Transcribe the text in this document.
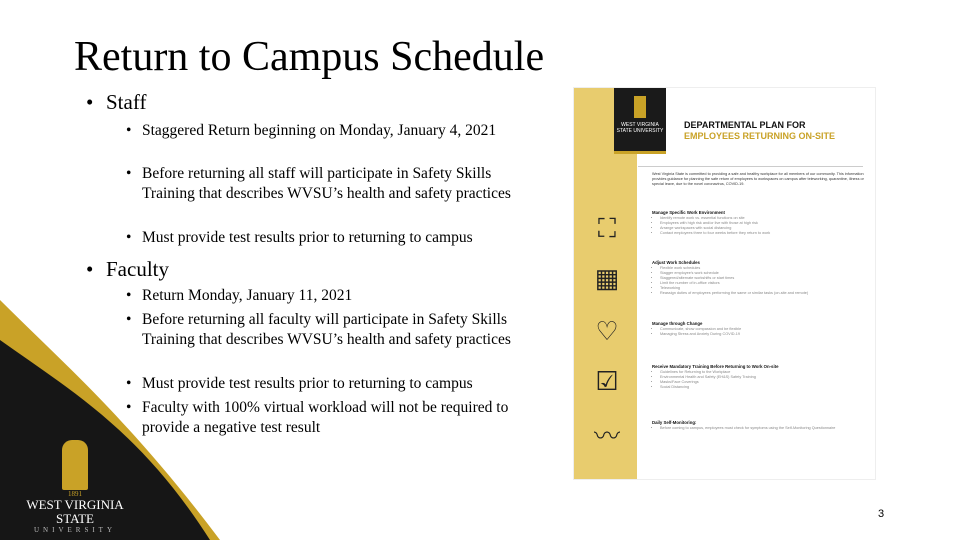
Return to Campus Schedule
• Staff
• Staggered Return beginning on Monday, January 4, 2021
• Before returning all staff will participate in Safety Skills Training that describes WVSU’s health and safety practices
• Must provide test results prior to returning to campus
• Faculty
• Return Monday, January 11, 2021
• Before returning all faculty will participate in Safety Skills Training that describes WVSU’s health and safety practices
• Must provide test results prior to returning to campus
• Faculty with 100% virtual workload will not be required to provide a negative test result
1891
WEST VIRGINIA
STATE
UNIVERSITY
WEST VIRGINIA STATE UNIVERSITY
DEPARTMENTAL PLAN FOR
EMPLOYEES RETURNING ON-SITE
West Virginia State is committed to providing a safe and healthy workplace for all members of our community. This information provides guidance for planning the safe return of employees to workspaces on campus after teleworking, quarantine, illness or special leave, due to the novel coronavirus, COVID-19.
⛶
▦
♡
☑
〰
Manage Specific Work Environment
• Identify remote work vs. essential functions on site
• Employees with high risk and/or live with those at high risk
• Arrange workspaces with social distancing
• Contact employees three to four weeks before they return to work
Adjust Work Schedules
• Flexible work schedules
• Stagger employee's work schedule
• Staggered/alternate workshifts or start times
• Limit the number of in-office visitors
• Teleworking
• Reassign duties of employees performing the same or similar tasks (on-site and remote)
Manage through Change
• Communicate, show compassion and be flexible
• Managing Stress and Anxiety During COVID-19
Receive Mandatory Training Before Returning to Work On-site
• Guidelines for Returning to the Workplace
• Environmental Health and Safety (EH&S) Safety Training
• Masks/Face Coverings
• Social Distancing
Daily Self-Monitoring:
• Before coming to campus, employees must check for symptoms using the Self-Monitoring Questionnaire
3
